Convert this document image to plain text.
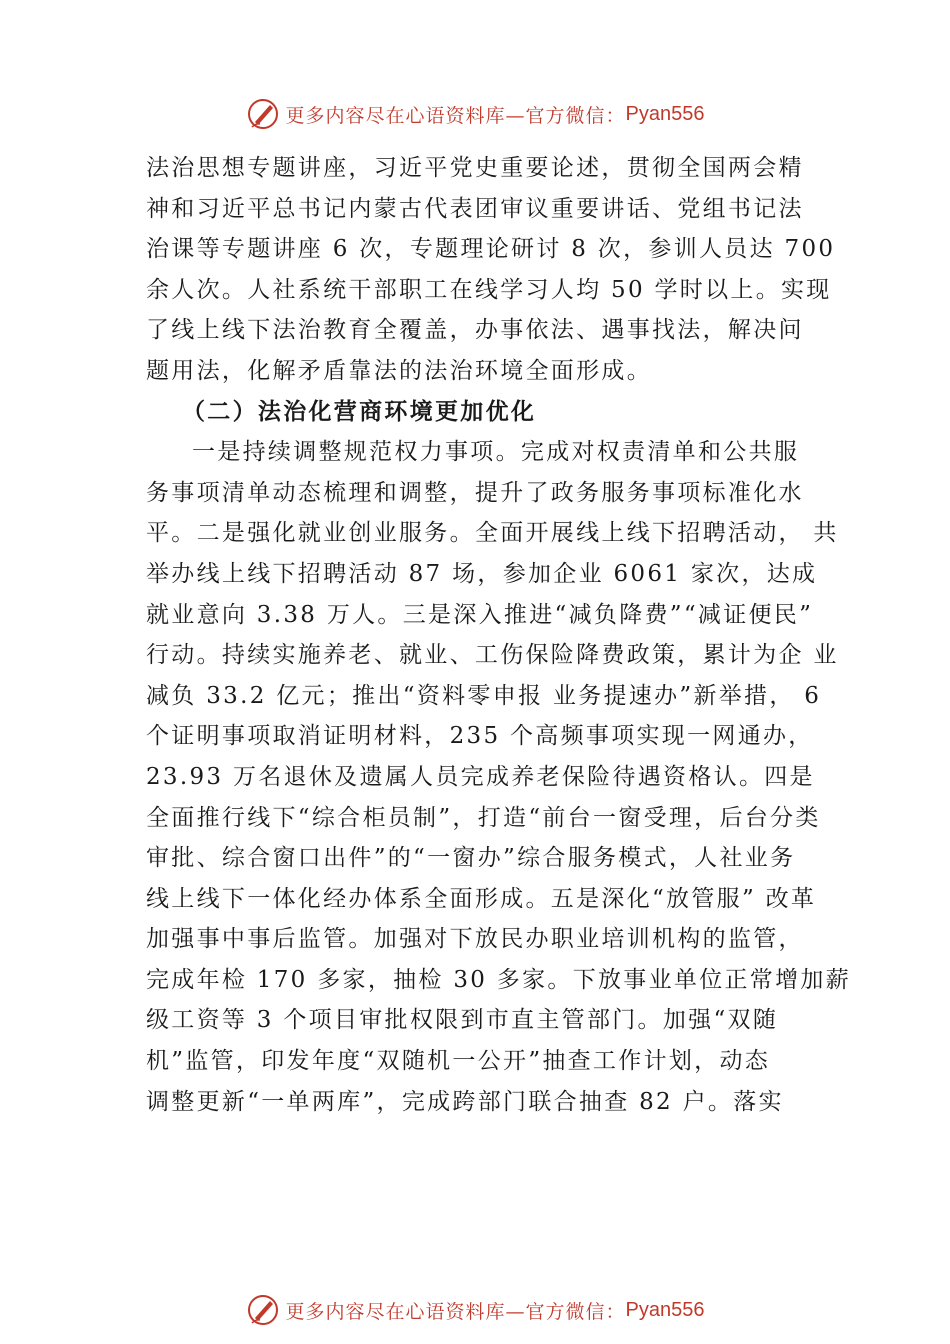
更多内容尽在心语资料库—官方微信： Pyan556
法治思想专题讲座，习近平党史重要论述，贯彻全国两会精
神和习近平总书记内蒙古代表团审议重要讲话、党组书记法
治课等专题讲座 6 次，专题理论研讨 8 次，参训人员达 700
余人次。人社系统干部职工在线学习人均 50 学时以上。实现
了线上线下法治教育全覆盖，办事依法、遇事找法，解决问
题用法，化解矛盾靠法的法治环境全面形成。
（二）法治化营商环境更加优化
一是持续调整规范权力事项。完成对权责清单和公共服
务事项清单动态梳理和调整，提升了政务服务事项标准化水
平。二是强化就业创业服务。全面开展线上线下招聘活动， 共
举办线上线下招聘活动 87 场，参加企业 6061 家次，达成
就业意向 3.38 万人。三是深入推进“减负降费”“减证便民”
行动。持续实施养老、就业、工伤保险降费政策，累计为企 业
减负 33.2 亿元；推出“资料零申报 业务提速办”新举措， 6
个证明事项取消证明材料，235 个高频事项实现一网通办，
23.93 万名退休及遗属人员完成养老保险待遇资格认。四是
全面推行线下“综合柜员制”，打造“前台一窗受理，后台分类
审批、综合窗口出件”的“一窗办”综合服务模式，人社业务
线上线下一体化经办体系全面形成。五是深化“放管服” 改革
加强事中事后监管。加强对下放民办职业培训机构的监管，
完成年检 170 多家，抽检 30 多家。下放事业单位正常增加薪
级工资等 3 个项目审批权限到市直主管部门。加强“双随
机”监管，印发年度“双随机一公开”抽查工作计划，动态
调整更新“一单两库”，完成跨部门联合抽查 82 户。落实
更多内容尽在心语资料库—官方微信： Pyan556
